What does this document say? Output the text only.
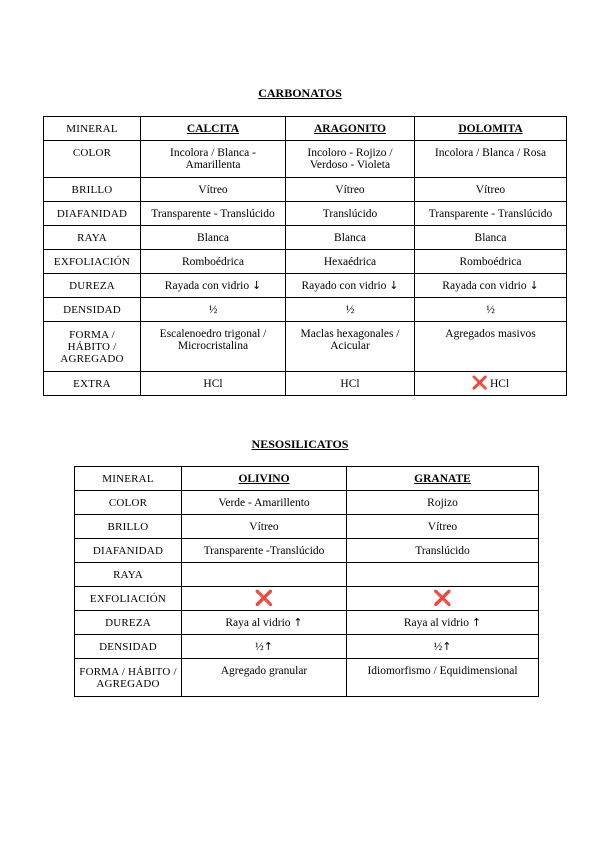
CARBONATOS
MINERAL	CALCITA	ARAGONITO	DOLOMITA
COLOR	Incolora / Blanca - Amarillenta	Incoloro - Rojizo / Verdoso - Violeta	Incolora / Blanca / Rosa
BRILLO	Vítreo	Vítreo	Vítreo
DIAFANIDAD	Transparente - Translúcido	Translúcido	Transparente - Translúcido
RAYA	Blanca	Blanca	Blanca
EXFOLIACIÓN	Romboédrica	Hexaédrica	Romboédrica
DUREZA	Rayada con vidrio ↓	Rayado con vidrio ↓	Rayada con vidrio ↓
DENSIDAD	½	½	½
FORMA / HÁBITO / AGREGADO	Escalenoedro trigonal / Microcristalina	Maclas hexagonales / Acicular	Agregados masivos
EXTRA	HCl	HCl	❌ HCl
NESOSILICATOS
MINERAL	OLIVINO	GRANATE
COLOR	Verde - Amarillento	Rojizo
BRILLO	Vítreo	Vítreo
DIAFANIDAD	Transparente -Translúcido	Translúcido
RAYA		
EXFOLIACIÓN	❌	❌
DUREZA	Raya al vidrio ↑	Raya al vidrio ↑
DENSIDAD	½↑	½↑
FORMA / HÁBITO / AGREGADO	Agregado granular	Idiomorfismo / Equidimensional
